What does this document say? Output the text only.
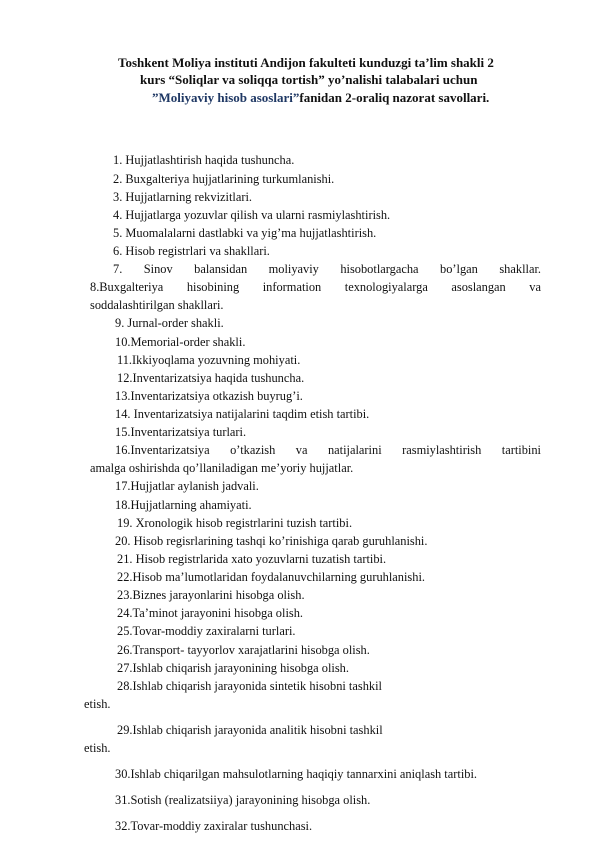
Toshkent Moliya instituti Andijon fakulteti kunduzgi ta’lim shakli 2
kurs “Soliqlar va soliqqa tortish” yo’nalishi talabalari uchun
”Moliyaviy hisob asoslari”fanidan 2-oraliq nazorat savollari.
1. Hujjatlashtirish haqida tushuncha.
2. Buxgalteriya hujjatlarining turkumlanishi.
3. Hujjatlarning rekvizitlari.
4. Hujjatlarga yozuvlar qilish va ularni rasmiylashtirish.
5. Muomalalarni dastlabki va yig’ma hujjatlashtirish.
6. Hisob registrlari va shakllari.
7. Sinov balansidan moliyaviy hisobotlargacha bo’lgan shakllar.
8.Buxgalteriya hisobining information texnologiyalarga asoslangan va
soddalashtirilgan shakllari.
9. Jurnal-order shakli.
10.Memorial-order shakli.
11.Ikkiyoqlama yozuvning mohiyati.
12.Inventarizatsiya haqida tushuncha.
13.Inventarizatsiya otkazish buyrug’i.
14. Inventarizatsiya natijalarini taqdim etish tartibi.
15.Inventarizatsiya turlari.
16.Inventarizatsiya o’tkazish va natijalarini rasmiylashtirish tartibini
amalga oshirishda qo’llaniladigan me’yoriy hujjatlar.
17.Hujjatlar aylanish jadvali.
18.Hujjatlarning ahamiyati.
19. Xronologik hisob registrlarini tuzish tartibi.
20. Hisob regisrlarining tashqi ko’rinishiga qarab guruhlanishi.
21. Hisob registrlarida xato yozuvlarni tuzatish tartibi.
22.Hisob ma’lumotlaridan foydalanuvchilarning guruhlanishi.
23.Biznes jarayonlarini hisobga olish.
24.Ta’minot jarayonini hisobga olish.
25.Tovar-moddiy zaxiralarni turlari.
26.Transport- tayyorlov xarajatlarini hisobga olish.
27.Ishlab chiqarish jarayonining hisobga olish.
28.Ishlab chiqarish jarayonida sintetik hisobni tashkil
etish.
29.Ishlab chiqarish jarayonida analitik hisobni tashkil
etish.
30.Ishlab chiqarilgan mahsulotlarning haqiqiy tannarxini aniqlash tartibi.
31.Sotish (realizatsiiya) jarayonining hisobga olish.
32.Tovar-moddiy zaxiralar tushunchasi.
